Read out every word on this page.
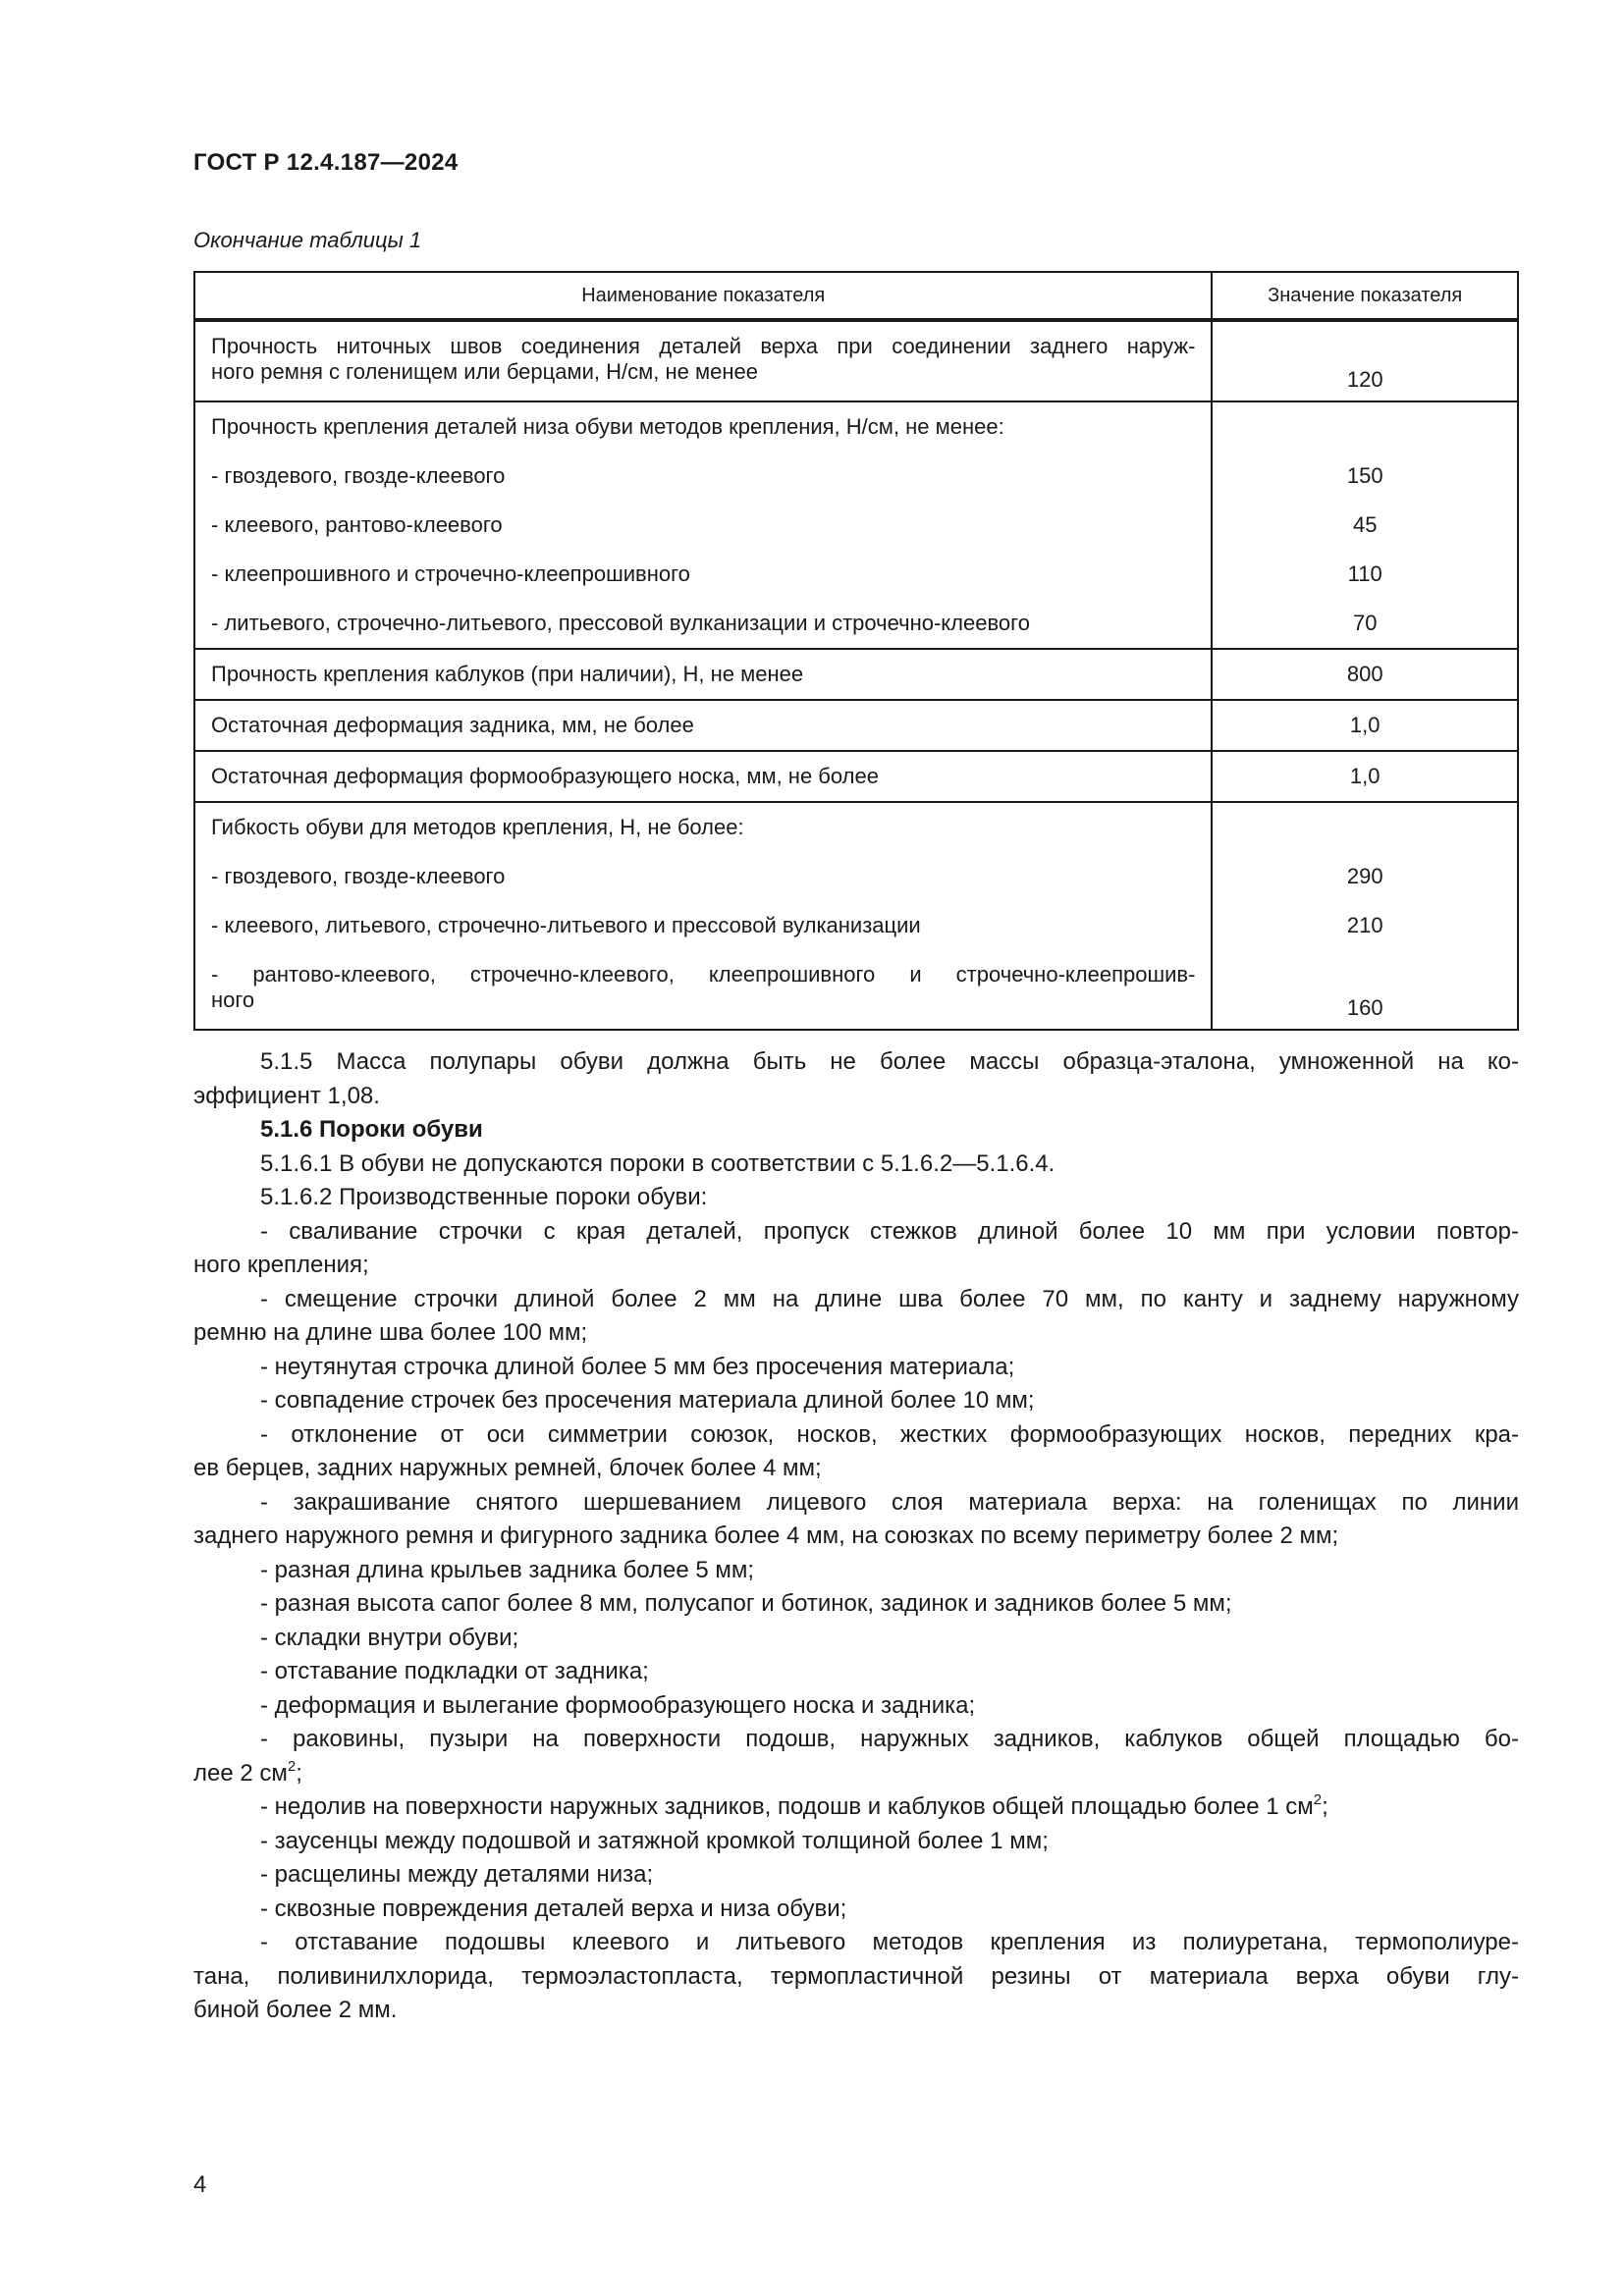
ГОСТ Р 12.4.187—2024
Окончание таблицы 1
Наименование показателя	Значение показателя

Прочность ниточных швов соединения деталей верха при соединении заднего наруж-
ного ремня с голенищем или берцами, Н/см, не менее	120

Прочность крепления деталей низа обуви методов крепления, Н/см, не менее:	

- гвоздевого, гвозде-клеевого	150

- клеевого, рантово-клеевого	45

- клеепрошивного и строчечно-клеепрошивного	110

- литьевого, строчечно-литьевого, прессовой вулканизации и строчечно-клеевого	70

Прочность крепления каблуков (при наличии), Н, не менее	800

Остаточная деформация задника, мм, не более	1,0

Остаточная деформация формообразующего носка, мм, не более	1,0

Гибкость обуви для методов крепления, Н, не более:	

- гвоздевого, гвозде-клеевого	290

- клеевого, литьевого, строчечно-литьевого и прессовой вулканизации	210

- рантово-клеевого, строчечно-клеевого, клеепрошивного и строчечно-клеепрошив-
ного	160
5.1.5 Масса полупары обуви должна быть не более массы образца-эталона, умноженной на ко-
эффициент 1,08.
5.1.6 Пороки обуви
5.1.6.1 В обуви не допускаются пороки в соответствии с 5.1.6.2—5.1.6.4.
5.1.6.2 Производственные пороки обуви:
- сваливание строчки с края деталей, пропуск стежков длиной более 10 мм при условии повтор-
ного крепления;
- смещение строчки длиной более 2 мм на длине шва более 70 мм, по канту и заднему наружному
ремню на длине шва более 100 мм;
- неутянутая строчка длиной более 5 мм без просечения материала;
- совпадение строчек без просечения материала длиной более 10 мм;
- отклонение от оси симметрии союзок, носков, жестких формообразующих носков, передних кра-
ев берцев, задних наружных ремней, блочек более 4 мм;
- закрашивание снятого шершеванием лицевого слоя материала верха: на голенищах по линии
заднего наружного ремня и фигурного задника более 4 мм, на союзках по всему периметру более 2 мм;
- разная длина крыльев задника более 5 мм;
- разная высота сапог более 8 мм, полусапог и ботинок, задинок и задников более 5 мм;
- складки внутри обуви;
- отставание подкладки от задника;
- деформация и вылегание формообразующего носка и задника;
- раковины, пузыри на поверхности подошв, наружных задников, каблуков общей площадью бо-
лее 2 $см^2$;
- недолив на поверхности наружных задников, подошв и каблуков общей площадью более 1 $см^2$;
- заусенцы между подошвой и затяжной кромкой толщиной более 1 мм;
- расщелины между деталями низа;
- сквозные повреждения деталей верха и низа обуви;
- отставание подошвы клеевого и литьевого методов крепления из полиуретана, термополиуре-
тана, поливинилхлорида, термоэластопласта, термопластичной резины от материала верха обуви глу-
биной более 2 мм.
4
